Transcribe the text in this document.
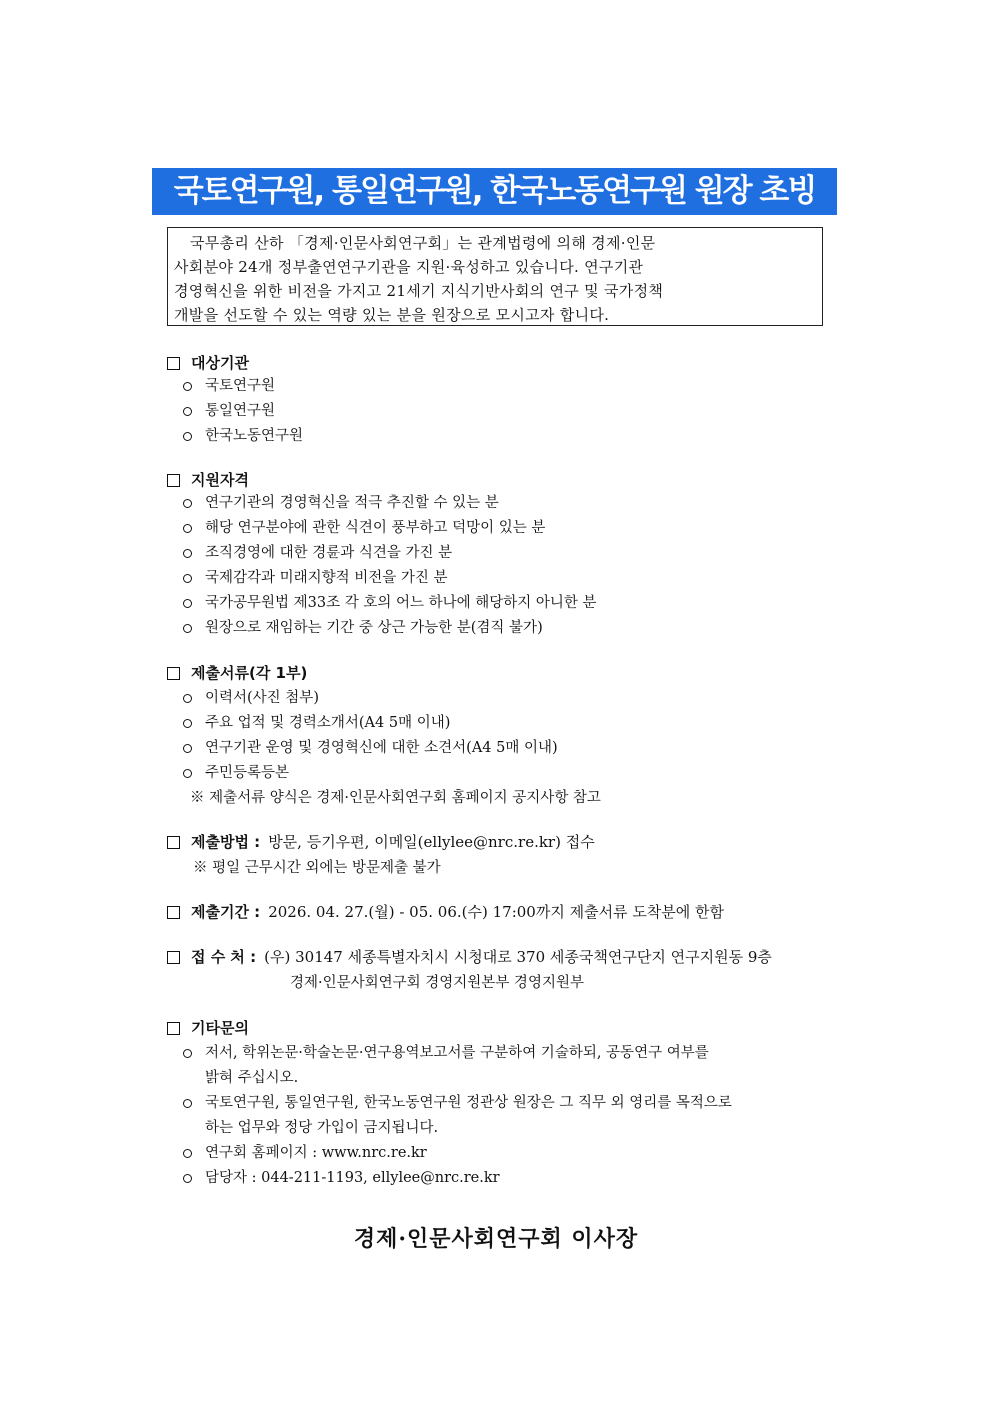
국토연구원, 통일연구원, 한국노동연구원 원장 초빙
국무총리 산하 「경제·인문사회연구회」는 관계법령에 의해 경제·인문
사회분야 24개 정부출연연구기관을 지원·육성하고 있습니다. 연구기관
경영혁신을 위한 비전을 가지고 21세기 지식기반사회의 연구 및 국가정책
개발을 선도할 수 있는 역량 있는 분을 원장으로 모시고자 합니다.
대상기관
국토연구원
통일연구원
한국노동연구원
지원자격
연구기관의 경영혁신을 적극 추진할 수 있는 분
해당 연구분야에 관한 식견이 풍부하고 덕망이 있는 분
조직경영에 대한 경륜과 식견을 가진 분
국제감각과 미래지향적 비전을 가진 분
국가공무원법 제33조 각 호의 어느 하나에 해당하지 아니한 분
원장으로 재임하는 기간 중 상근 가능한 분(겸직 불가)
제출서류(각 1부)
이력서(사진 첨부)
주요 업적 및 경력소개서(A4 5매 이내)
연구기관 운영 및 경영혁신에 대한 소견서(A4 5매 이내)
주민등록등본
※ 제출서류 양식은 경제·인문사회연구회 홈페이지 공지사항 참고
제출방법 : 방문, 등기우편, 이메일(ellylee@nrc.re.kr) 접수
※ 평일 근무시간 외에는 방문제출 불가
제출기간 : 2026. 04. 27.(월) - 05. 06.(수) 17:00까지 제출서류 도착분에 한함
접 수 처 : (우) 30147 세종특별자치시 시청대로 370 세종국책연구단지 연구지원동 9층
경제·인문사회연구회 경영지원본부 경영지원부
기타문의
저서, 학위논문·학술논문·연구용역보고서를 구분하여 기술하되, 공동연구 여부를
밝혀 주십시오.
국토연구원, 통일연구원, 한국노동연구원 정관상 원장은 그 직무 외 영리를 목적으로
하는 업무와 정당 가입이 금지됩니다.
연구회 홈페이지 : www.nrc.re.kr
담당자 : 044-211-1193, ellylee@nrc.re.kr
경제·인문사회연구회 이사장
